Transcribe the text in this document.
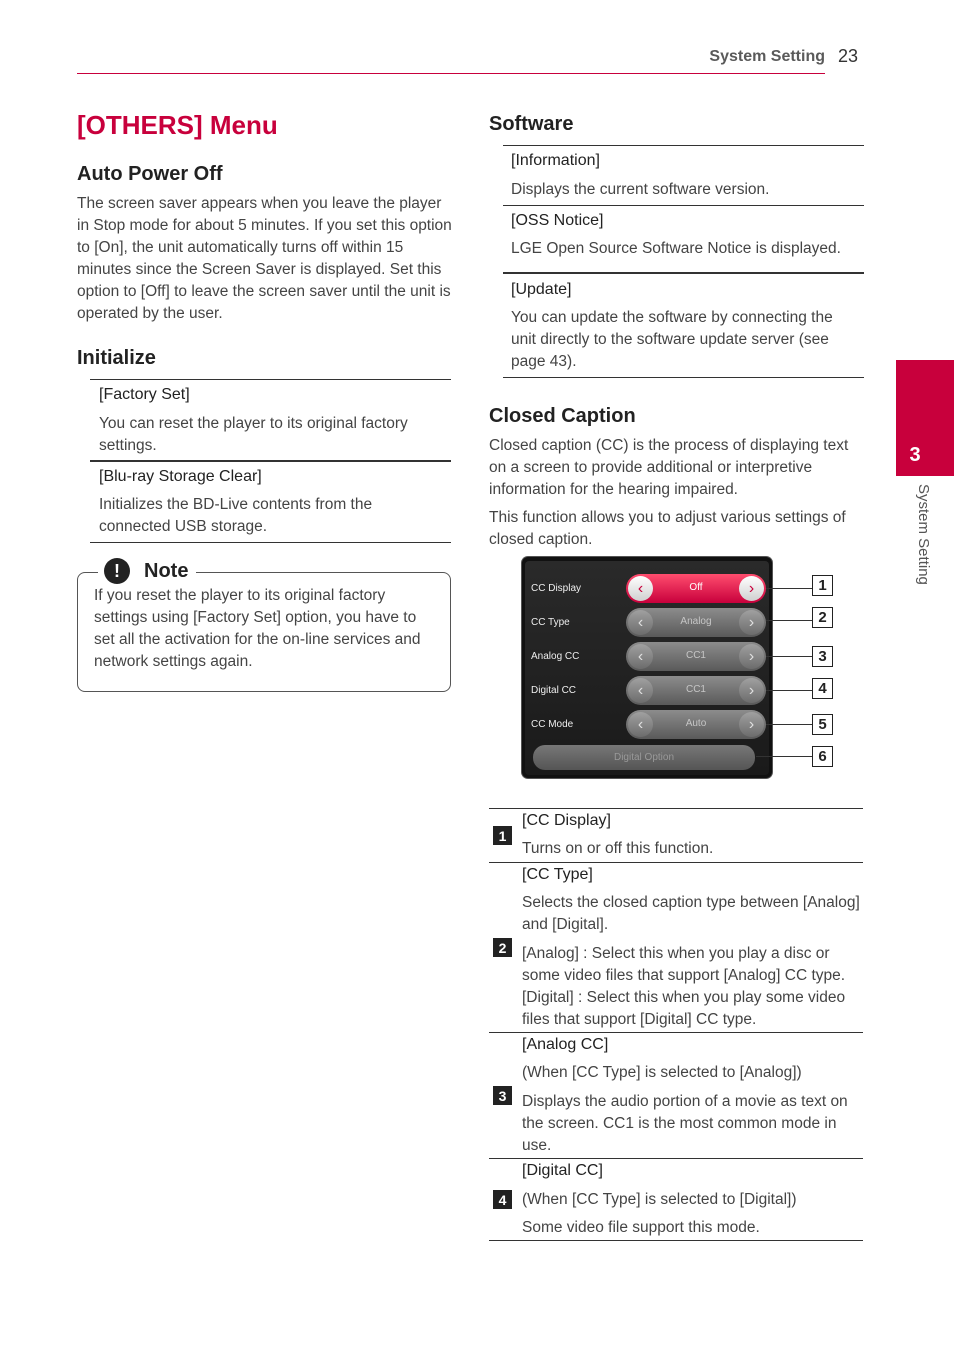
System Setting 23
3
System Setting
[OTHERS] Menu
Auto Power Off

The screen saver appears when you leave the player in Stop mode for about 5 minutes. If you set this option to [On], the unit automatically turns off within 15 minutes since the Screen Saver is displayed. Set this option to [Off] to leave the screen saver until the unit is operated by the user.

Initialize
[Factory Set]
You can reset the player to its original factory settings.
[Blu-ray Storage Clear]
Initializes the BD-Live contents from the connected USB storage.
!	Note

If you reset the player to its original factory settings using [Factory Set] option, you have to set all the activation for the on-line services and network settings again.

Software
[Information]
Displays the current software version.
[OSS Notice]
LGE Open Source Software Notice is displayed.
[Update]
You can update the software by connecting the unit directly to the software update server (see page 43).
Closed Caption

Closed caption (CC) is the process of displaying text on a screen to provide additional or interpretive information for the hearing impaired.

This function allows you to adjust various settings of closed caption.

CC Display	‹	Off	›
CC Type	‹	Analog	›
Analog CC	‹	CC1	›
Digital CC	‹	CC1	›
CC Mode	‹	Auto	›
Digital Option
1
2
3
4
5
6
1
[CC Display]

Turns on or off this function.

2
[CC Type]

Selects the closed caption type between [Analog] and [Digital].

[Analog] : Select this when you play a disc or some video files that support [Analog] CC type. [Digital] : Select this when you play some video files that support [Digital] CC type.

3
[Analog CC]

(When [CC Type] is selected to [Analog])

Displays the audio portion of a movie as text on the screen. CC1 is the most common mode in use.

4
[Digital CC]

(When [CC Type] is selected to [Digital])

Some video file support this mode.
